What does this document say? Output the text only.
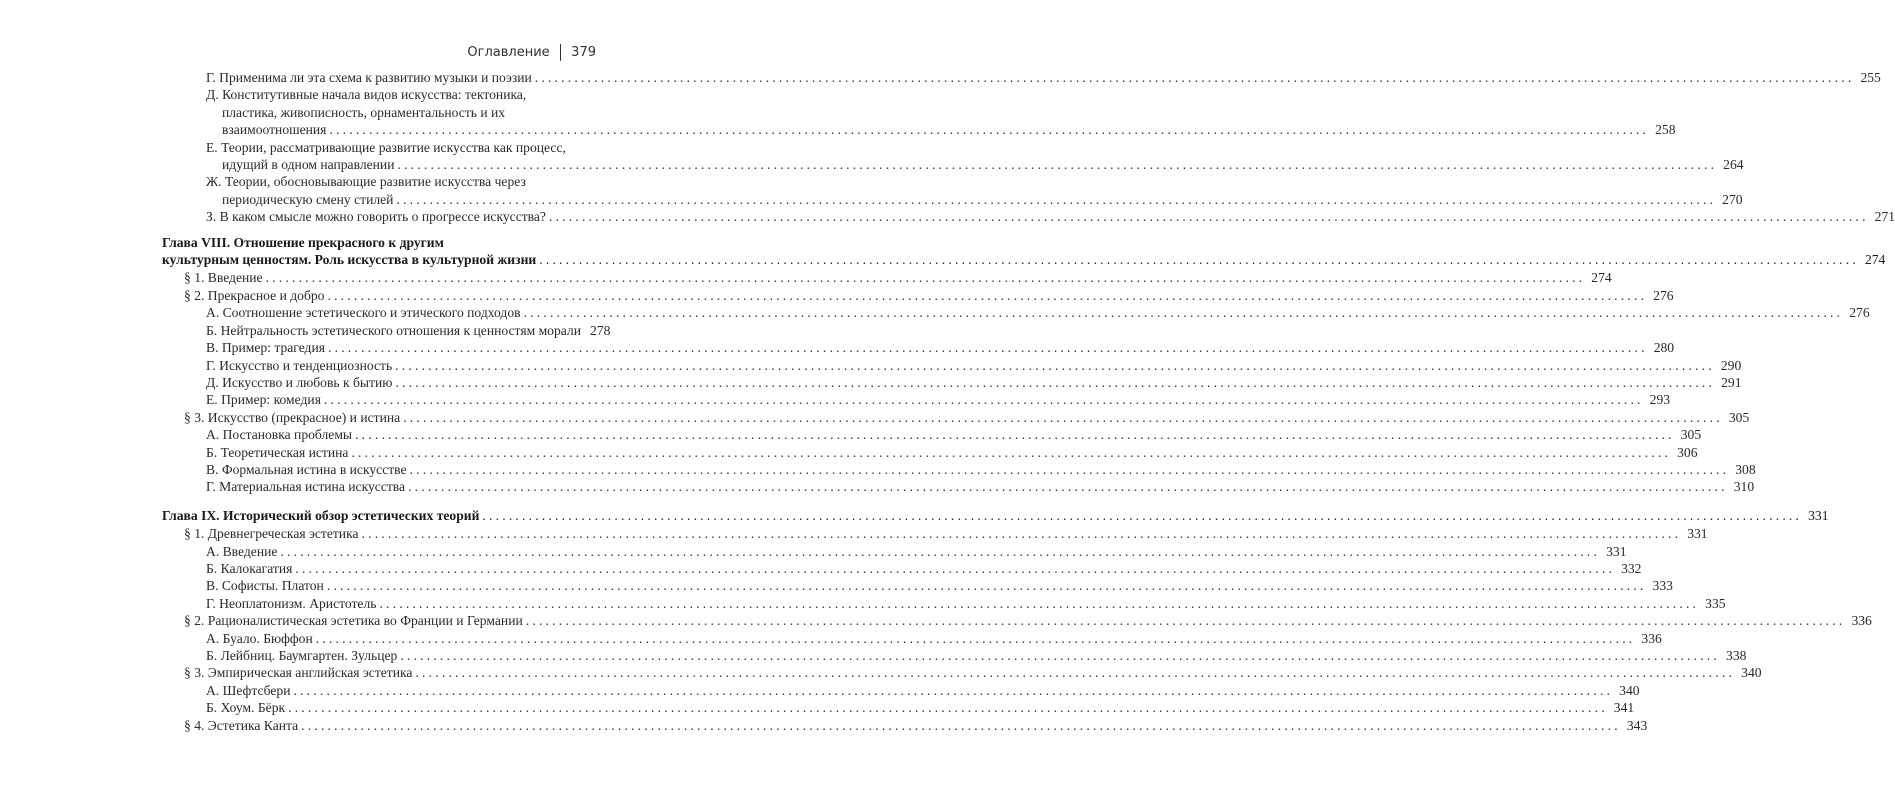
Оглавление 379
Г. Применима ли эта схема к развитию музыки и поэзии ........................................................................................................................................................................................................ 255
Д. Конститутивные начала видов искусства: тектоника,
пластика, живописность, орнаментальность и их
взаимоотношения ........................................................................................................................................................................................................ 258
Е. Теории, рассматривающие развитие искусства как процесс,
идущий в одном направлении ........................................................................................................................................................................................................ 264
Ж. Теории, обосновывающие развитие искусства через
периодическую смену стилей ........................................................................................................................................................................................................ 270
З. В каком смысле можно говорить о прогрессе искусства? ........................................................................................................................................................................................................ 271
Глава VIII. Отношение прекрасного к другим
культурным ценностям. Роль искусства в культурной жизни ........................................................................................................................................................................................................ 274
§ 1. Введение ........................................................................................................................................................................................................ 274
§ 2. Прекрасное и добро ........................................................................................................................................................................................................ 276
А. Соотношение эстетического и этического подходов ........................................................................................................................................................................................................ 276
Б. Нейтральность эстетического отношения к ценностям морали 278
В. Пример: трагедия ........................................................................................................................................................................................................ 280
Г. Искусство и тенденциозность ........................................................................................................................................................................................................ 290
Д. Искусство и любовь к бытию ........................................................................................................................................................................................................ 291
Е. Пример: комедия ........................................................................................................................................................................................................ 293
§ 3. Искусство (прекрасное) и истина ........................................................................................................................................................................................................ 305
А. Постановка проблемы ........................................................................................................................................................................................................ 305
Б. Теоретическая истина ........................................................................................................................................................................................................ 306
В. Формальная истина в искусстве ........................................................................................................................................................................................................ 308
Г. Материальная истина искусства ........................................................................................................................................................................................................ 310
Глава IX. Исторический обзор эстетических теорий ........................................................................................................................................................................................................ 331
§ 1. Древнегреческая эстетика ........................................................................................................................................................................................................ 331
А. Введение ........................................................................................................................................................................................................ 331
Б. Калокагатия ........................................................................................................................................................................................................ 332
В. Софисты. Платон ........................................................................................................................................................................................................ 333
Г. Неоплатонизм. Аристотель ........................................................................................................................................................................................................ 335
§ 2. Рационалистическая эстетика во Франции и Германии ........................................................................................................................................................................................................ 336
А. Буало. Бюффон ........................................................................................................................................................................................................ 336
Б. Лейбниц. Баумгартен. Зульцер ........................................................................................................................................................................................................ 338
§ 3. Эмпирическая английская эстетика ........................................................................................................................................................................................................ 340
А. Шефтсбери ........................................................................................................................................................................................................ 340
Б. Хоум. Бёрк ........................................................................................................................................................................................................ 341
§ 4. Эстетика Канта ........................................................................................................................................................................................................ 343
